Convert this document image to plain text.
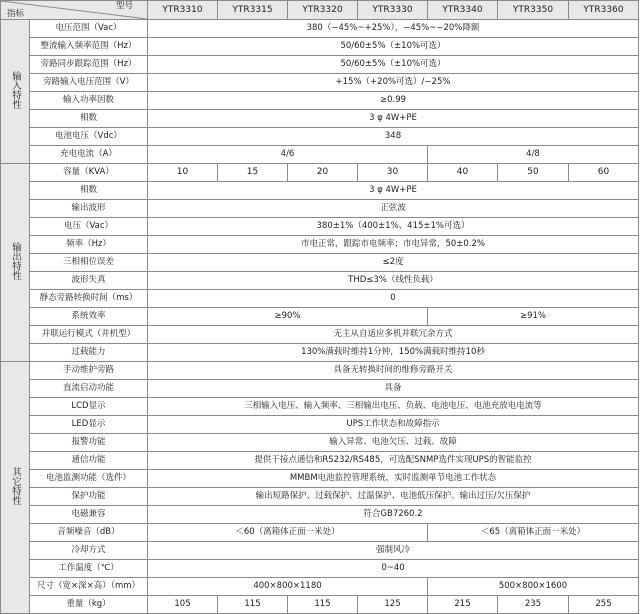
型号
指标		YTR3310	YTR3315	YTR3320	YTR3330	YTR3340	YTR3350	YTR3360
输入特性	电压范围（Vac）	380（−45%~+25%），−45%~−20%降额						
	整流输入频率范围（Hz）	50/60±5%（±10%可选）						
	旁路同步跟踪范围（Hz）	50/60±5%（±10%可选）						
	旁路输入电压范围（V）	+15%（+20%可选）/−25%						
	输入功率因数	≥0.99						
	相数	3 φ 4W+PE						
	电池电压（Vdc）	348						
	充电电流（A）	4/6				4/8		
输出特性	容量（KVA）	10	15	20	30	40	50	60
	相数	3 φ 4W+PE						
	输出波形	正弦波						
	电压（Vac）	380±1%（400±1%、415±1%可选）						
	频率（Hz）	市电正常，跟踪市电频率；市电异常，50±0.2%						
	三相相位误差	≤2度						
	波形失真	THD≤3%（线性负载）						
	静态旁路转换时间（ms）	0						
	系统效率	≥90%				≥91%		
	并联运行模式（并机型）	无主从自适应多机并联冗余方式						
	过载能力	130%满载时维持1分钟，150%满载时维持10秒						
其它特性	手动维护旁路	具备无转换时间的维修旁路开关						
	直流启动功能	具备						
	LCD显示	三相输入电压、输入频率、三相输出电压、负载、电池电压、电池充放电电流等						
	LED显示	UPS工作状态和故障指示						
	报警功能	输入异常、电池欠压、过载、故障						
	通信功能	提供干接点通信和RS232/RS485，可选配SNMP选件实现UPS的智能监控						
	电池监测功能（选件）	MMBM电池监控管理系统，实时监测单节电池工作状态						
	保护功能	输出短路保护、过载保护、过温保护、电池低压保护、输出过压/欠压保护						
	电磁兼容	符合GB7260.2						
	音频噪音（dB）	＜60（离箱体正面一米处）				＜65（离箱体正面一米处）		
	冷却方式	强制风冷						
	工作温度（℃）	0~40						
	尺寸（宽×深×高）（mm）	400×800×1180				500×800×1600		
	重量（kg）	105	115	115	125	215	235	255
